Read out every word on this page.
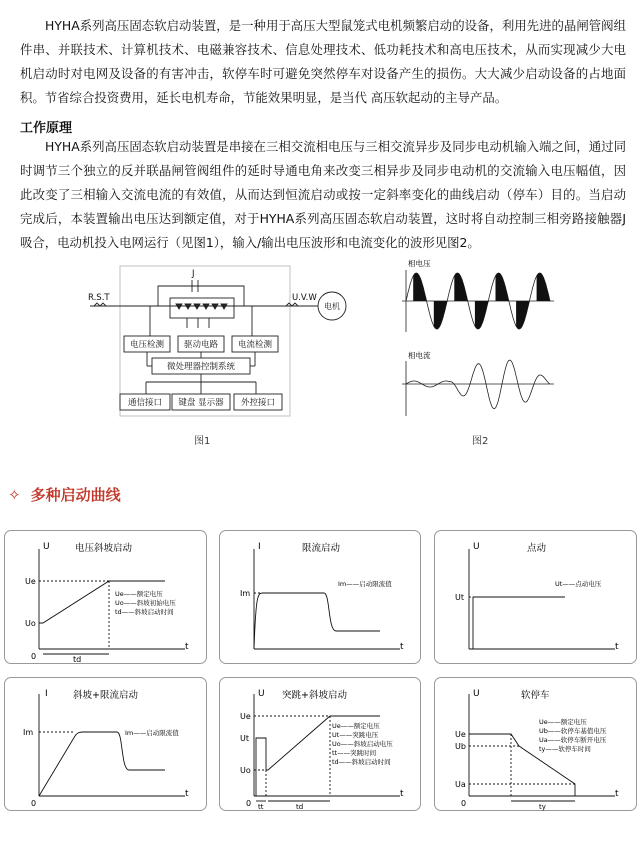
HYHA系列高压固态软启动装置，是一种用于高压大型鼠笼式电机频繁启动的设备，利用先进的晶闸管阀组件串、并联技术、计算机技术、电磁兼容技术、信息处理技术、低功耗技术和高电压技术，从而实现减少大电机启动时对电网及设备的有害冲击，软停车时可避免突然停车对设备产生的损伤。大大减少启动设备的占地面积。节省综合投资费用，延长电机寿命，节能效果明显，是当代 高压软起动的主导产品。

工作原理

HYHA系列高压固态软启动装置是串接在三相交流相电压与三相交流异步及同步电动机输入端之间，通过同时调节三个独立的反并联晶闸管阀组件的延时导通电角来改变三相异步及同步电动机的交流输入电压幅值，因此改变了三相输入交流电流的有效值，从而达到恒流启动或按一定斜率变化的曲线启动（停车）目的。当启动完成后，本装置输出电压达到额定值，对于HYHA系列高压固态软启动装置，这时将自动控制三相旁路接触器J吸合，电动机投入电网运行（见图1），输入/输出电压波形和电流变化的波形见图2。

R.S.T	U.V.W
J
电机
电压检测 驱动电路 电流检测
微处理器控制系统
通信接口 键盘 显示器 外控接口
图1
相电压
相电流
图2
✧ 多种启动曲线
U
t
电压斜坡启动
Ue
Uo
0	td
Ue——额定电压
Uo——斜坡初始电压
td——斜坡启动时间
I
t
限流启动
Im
Im——启动限流值
U
t
点动
Ut
Ut——点动电压
I
t
斜坡+限流启动
Im
0
Im——启动限流值
U
t
突跳+斜坡启动
Ue
Ut
Uo
0 tt	td
Ue——额定电压
Ut——突跳电压
Uo——斜坡启动电压
tt——突跳时间
td——斜坡启动时间
U
t
软停车
Ue
Ub
Ua
0	ty
Ue——额定电压
Ub——软停车基值电压
Ua——软停车断开电压
ty——软停车时间
